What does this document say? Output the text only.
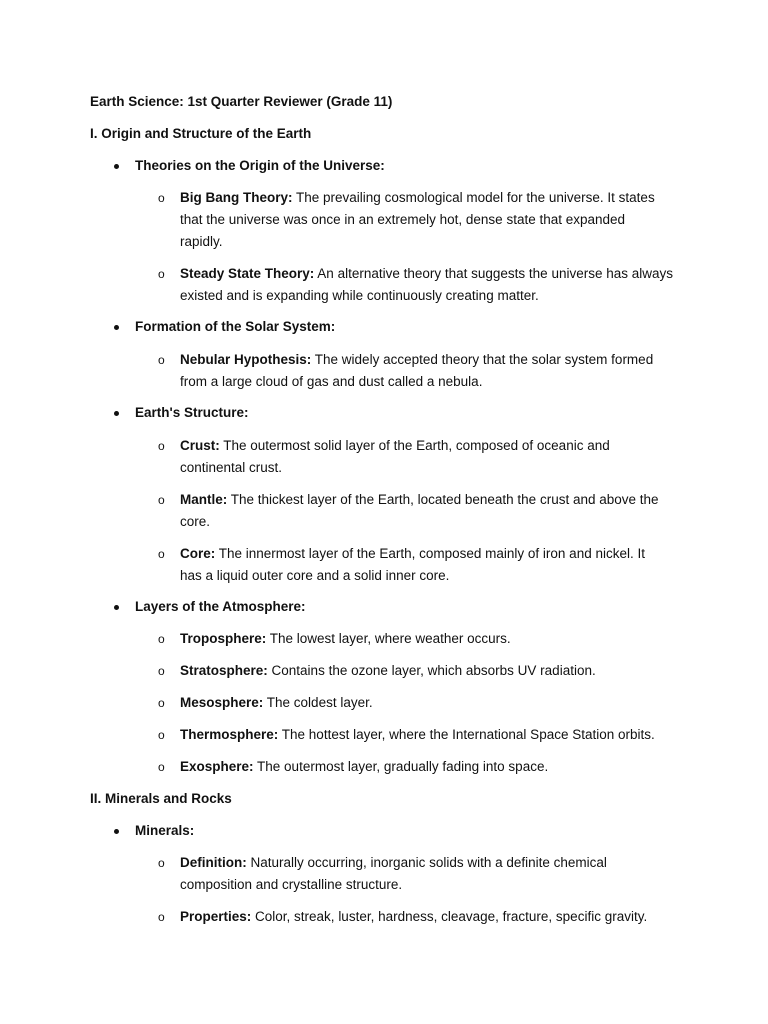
Earth Science: 1st Quarter Reviewer (Grade 11)
I. Origin and Structure of the Earth
Theories on the Origin of the Universe:
o Big Bang Theory: The prevailing cosmological model for the universe. It states
that the universe was once in an extremely hot, dense state that expanded
rapidly.
o Steady State Theory: An alternative theory that suggests the universe has always
existed and is expanding while continuously creating matter.
Formation of the Solar System:
o Nebular Hypothesis: The widely accepted theory that the solar system formed
from a large cloud of gas and dust called a nebula.
Earth's Structure:
o Crust: The outermost solid layer of the Earth, composed of oceanic and
continental crust.
o Mantle: The thickest layer of the Earth, located beneath the crust and above the
core.
o Core: The innermost layer of the Earth, composed mainly of iron and nickel. It
has a liquid outer core and a solid inner core.
Layers of the Atmosphere:
o Troposphere: The lowest layer, where weather occurs.
o Stratosphere: Contains the ozone layer, which absorbs UV radiation.
o Mesosphere: The coldest layer.
o Thermosphere: The hottest layer, where the International Space Station orbits.
o Exosphere: The outermost layer, gradually fading into space.
II. Minerals and Rocks
Minerals:
o Definition: Naturally occurring, inorganic solids with a definite chemical
composition and crystalline structure.
o Properties: Color, streak, luster, hardness, cleavage, fracture, specific gravity.
